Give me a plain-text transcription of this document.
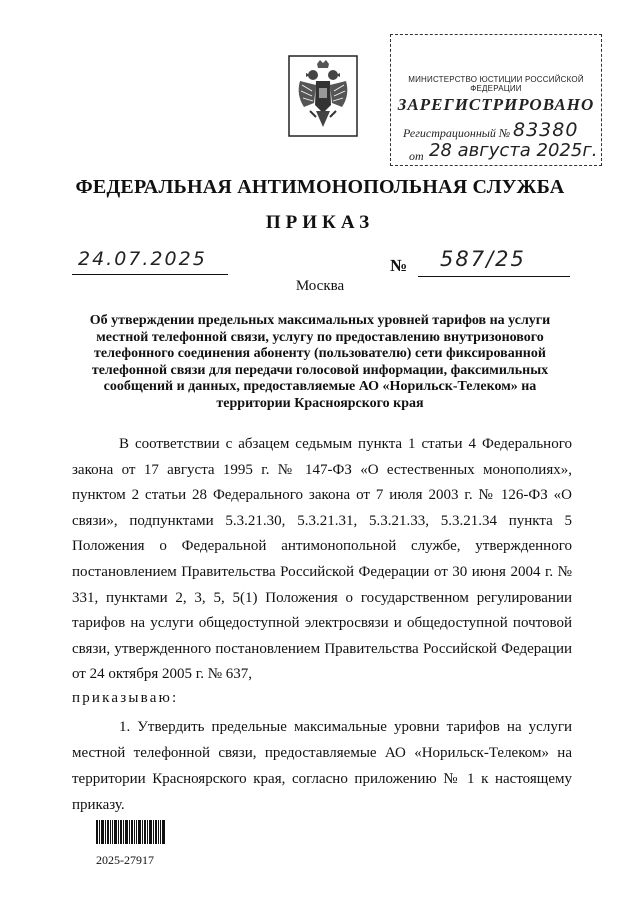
МИНИСТЕРСТВО ЮСТИЦИИ РОССИЙСКОЙ ФЕДЕРАЦИИ
ЗАРЕГИСТРИРОВАНО
Регистрационный № 83380
от 28 августа 2025г.
ФЕДЕРАЛЬНАЯ АНТИМОНОПОЛЬНАЯ СЛУЖБА
ПРИКАЗ
24.07.2025	№ 587/25
Москва
Об утверждении предельных максимальных уровней тарифов на услуги местной телефонной связи, услугу по предоставлению внутризонового телефонного соединения абоненту (пользователю) сети фиксированной телефонной связи для передачи голосовой информации, факсимильных сообщений и данных, предоставляемые АО «Норильск-Телеком» на территории Красноярского края
В соответствии с абзацем седьмым пункта 1 статьи 4 Федерального закона от 17 августа 1995 г. № 147-ФЗ «О естественных монополиях», пунктом 2 статьи 28 Федерального закона от 7 июля 2003 г. № 126-ФЗ «О связи», подпунктами 5.3.21.30, 5.3.21.31, 5.3.21.33, 5.3.21.34 пункта 5 Положения о Федеральной антимонопольной службе, утвержденного постановлением Правительства Российской Федерации от 30 июня 2004 г. № 331, пунктами 2, 3, 5, 5(1) Положения о государственном регулировании тарифов на услуги общедоступной электросвязи и общедоступной почтовой связи, утвержденного постановлением Правительства Российской Федерации от 24 октября 2005 г. № 637,
приказываю:
1. Утвердить предельные максимальные уровни тарифов на услуги местной телефонной связи, предоставляемые АО «Норильск-Телеком» на территории Красноярского края, согласно приложению № 1 к настоящему приказу.
2025-27917
